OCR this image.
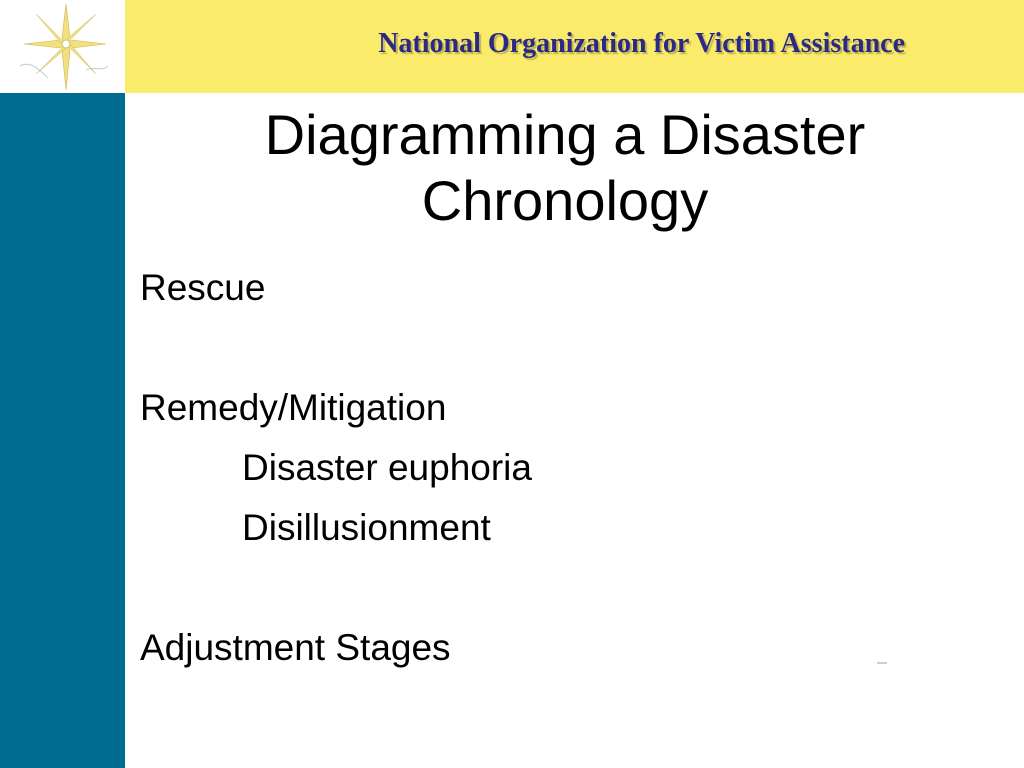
National Organization for Victim Assistance
Diagramming a Disaster
Chronology
Rescue
Remedy/Mitigation
Disaster euphoria
Disillusionment
Adjustment Stages
